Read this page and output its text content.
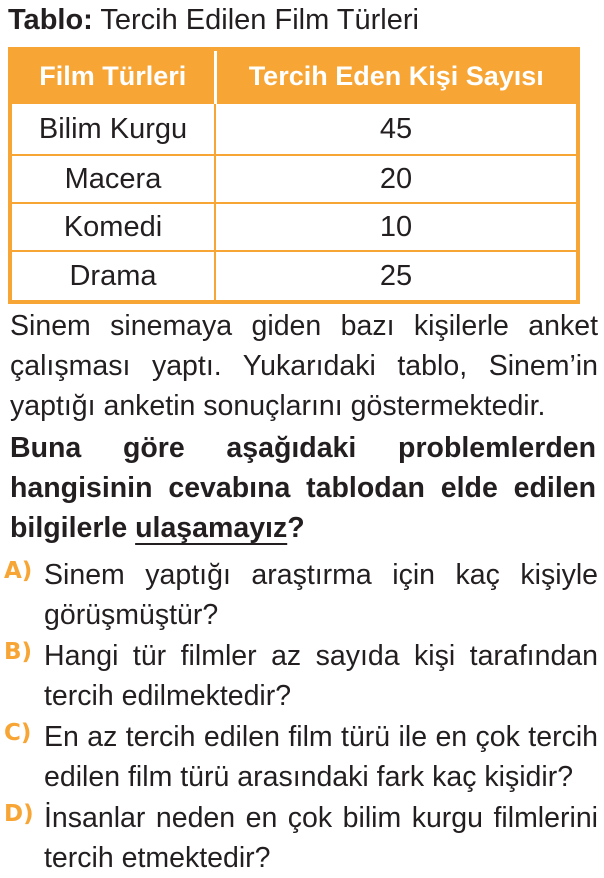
Tablo: Tercih Edilen Film Türleri
Film Türleri	Tercih Eden Kişi Sayısı
Bilim Kurgu	45
Macera	20
Komedi	10
Drama	25

Sinem sinemaya giden bazı kişilerle anket çalışması yaptı. Yukarıdaki tablo, Sinem’in yaptığı anketin sonuçlarını göstermektedir.

Buna göre aşağıdaki problemlerden hangisinin cevabına tablodan elde edilen bilgilerle ulaşamayız?

A) Sinem yaptığı araştırma için kaç kişiyle görüşmüştür?
B) Hangi tür filmler az sayıda kişi tarafından tercih edilmektedir?
C) En az tercih edilen film türü ile en çok tercih edilen film türü arasındaki fark kaç kişidir?
D) İnsanlar neden en çok bilim kurgu filmlerini tercih etmektedir?
